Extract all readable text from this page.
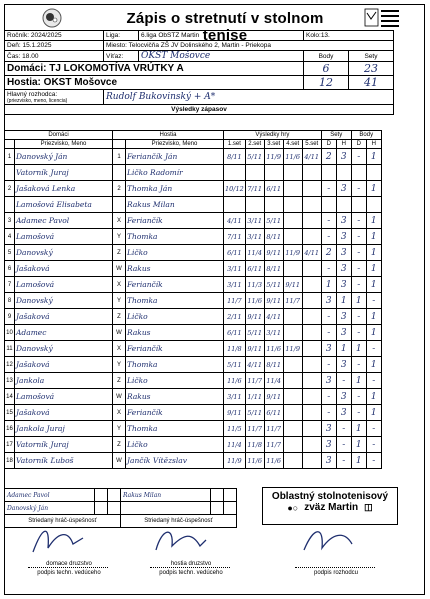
Zápis o stretnutí v stolnom tenise
Ročník: 2024/2025	Liga:	6.liga ObSTZ Martin	Kolo:13.	
Deň: 15.1.2025	Miesto: Telocvičňa ZŠ JV Dolinského 2, Martin - Priekopa			
Čas: 18.00	Víťaz:	OKST Mošovce	Body	Sety
Domáci: TJ LOKOMOTÍVA VRÚTKY A			6	23
Hostia: OKST Mošovce			12	41

Hlavný rozhodca:
(priezvisko, meno, licencia)	Rudolf Bukovinský + A*			
Výsledky zápasov				
Domáci		Hostia		Výsledky hry					Sety		Body	
	Priezvisko, Meno		Priezvisko, Meno	1.set	2.set	3.set	4.set	5.set	D	H	D	H
1	Danovský Ján	1	Feriančík Ján	8/11	5/11	11/9	11/6	4/11	2	3	-	1
	Vatorník Juraj		Ličko Radomír									
2	Jašaková Lenka	2	Thomka Ján	10/12	7/11	6/11			-	3	-	1
	Lamošová Elisabeta		Rakus Milan									
3	Adamec Pavol	X	Feriančík	4/11	3/11	5/11			-	3	-	1
4	Lamošová	Y	Thomka	7/11	3/11	8/11			-	3	-	1
5	Danovský	Z	Ličko	6/11	11/4	9/11	11/9	4/11	2	3	-	1
6	Jašaková	W	Rakus	3/11	6/11	8/11			-	3	-	1
7	Lamošová	X	Feriančík	3/11	11/3	5/11	9/11		1	3	-	1
8	Danovský	Y	Thomka	11/7	11/6	9/11	11/7		3	1	1	-
9	Jašaková	Z	Ličko	2/11	9/11	4/11			-	3	-	1
10	Adamec	W	Rakus	6/11	5/11	3/11			-	3	-	1
11	Danovský	X	Feriančík	11/8	9/11	11/6	11/9		3	1	1	-
12	Jašaková	Y	Thomka	5/11	4/11	8/11			-	3	-	1
13	Jankola	Z	Ličko	11/6	11/7	11/4			3	-	1	-
14	Lamošová	W	Rakus	3/11	1/11	9/11			-	3	-	1
15	Jašaková	X	Feriančík	9/11	5/11	6/11			-	3	-	1
16	Jankola Juraj	Y	Thomka	11/5	11/7	11/7			3	-	1	-
17	Vatorník Juraj	Z	Ličko	11/4	11/8	11/7			3	-	1	-
18	Vatorník Ľuboš	W	Jančík Vítězslav	11/9	11/6	11/6			3	-	1	-
Adamec Pavol			Rakus Milan		
Danovský Ján					
Striedaný hráč-úspešnosť			Striedaný hráč-úspešnosť		
Oblastný stolnotenisový
●○ zväz Martin ◫
domace druzstvo
podpis techn. vedúceho
hostia druzstvo
podpis techn. vedúceho	podpis rozhodcu
